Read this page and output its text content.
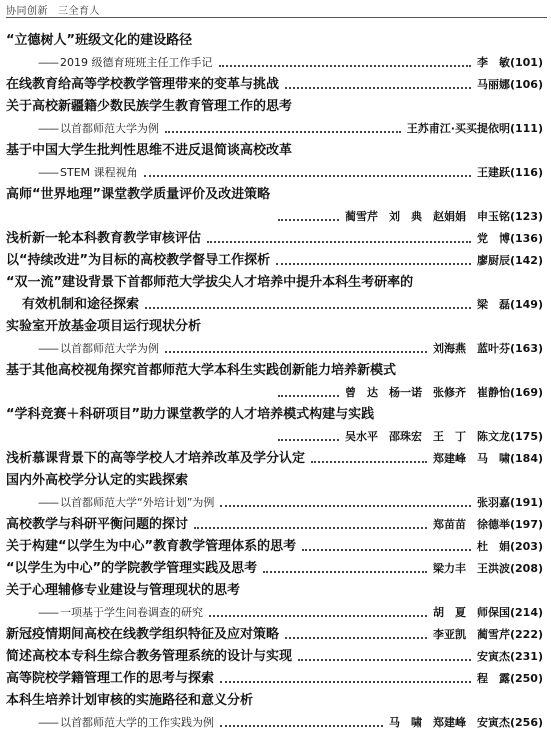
协同创新 三全育人
“立德树人”班级文化的建设路径
—— 2019 级德育班班主任工作手记	李　敏(101)
在线教育给高等学校教学管理带来的变革与挑战	马丽娜(106)
关于高校新疆籍少数民族学生教育管理工作的思考
—— 以首都师范大学为例	王苏甫江·买买提依明(111)
基于中国大学生批判性思维不进反退简谈高校改革
—— STEM 课程视角	王建跃(116)
高师“世界地理”课堂教学质量评价及改进策略
蔺雪芹　刘　典　赵娟娟　申玉铭(123)
浅析新一轮本科教育教学审核评估	党　博(136)
以“持续改进”为目标的高校教学督导工作探析	廖厨辰(142)
“双一流”建设背景下首都师范大学拔尖人才培养中提升本科生考研率的
有效机制和途径探索	梁　磊(149)
实验室开放基金项目运行现状分析
—— 以首都师范大学为例	刘海燕　蓝叶芬(163)
基于其他高校视角探究首都师范大学本科生实践创新能力培养新模式
曾　达　杨一诺　张修齐　崔静怡(169)
“学科竞赛＋科研项目”助力课堂教学的人才培养模式构建与实践
吴水平　邵珠宏　王　丁　陈文龙(175)
浅析慕课背景下的高等学校人才培养改革及学分认定	郑建峰　马　啸(184)
国内外高校学分认定的实践探索
—— 以首都师范大学“外培计划”为例	张羽嘉(191)
高校教学与科研平衡问题的探讨	郑苗苗　徐德举(197)
关于构建“以学生为中心”教育教学管理体系的思考	杜　娟(203)
“以学生为中心”的学院教学管理实践及思考	梁力丰　王洪波(208)
关于心理辅修专业建设与管理现状的思考
—— 一项基于学生问卷调查的研究	胡　夏　师保国(214)
新冠疫情期间高校在线教学组织特征及应对策略	李亚凯　蔺雪芹(222)
简述高校本专科生综合教务管理系统的设计与实现	安寅杰(231)
高等院校学籍管理工作的思考与探索	程　露(250)
本科生培养计划审核的实施路径和意义分析
—— 以首都师范大学的工作实践为例	马　啸　郑建峰　安寅杰(256)
